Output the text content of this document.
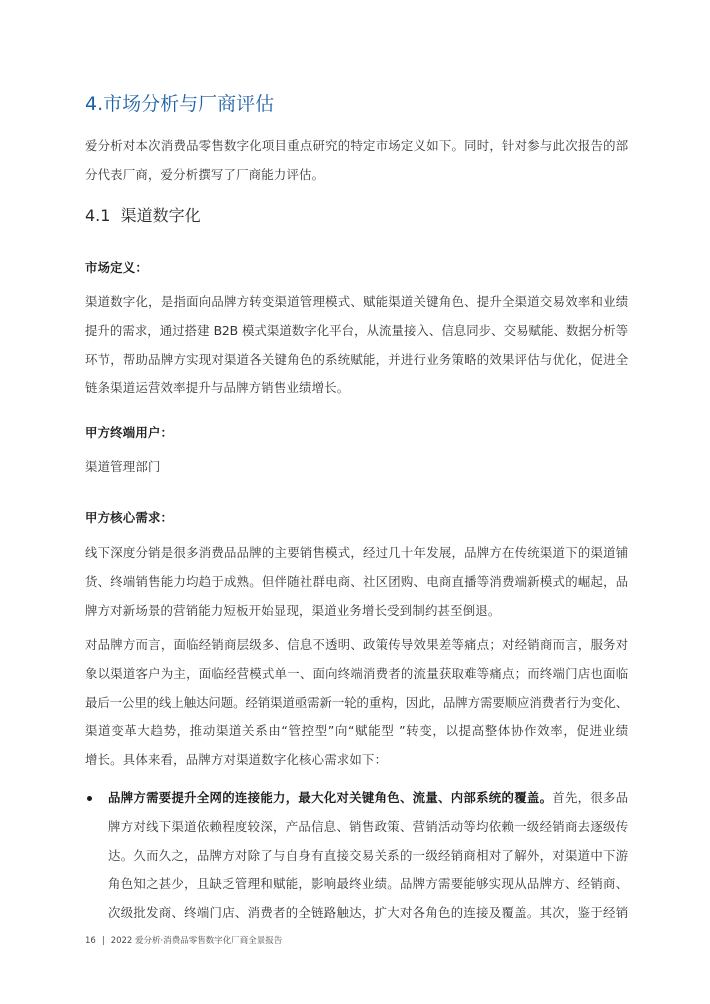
4.市场分析与厂商评估
爱分析对本次消费品零售数字化项目重点研究的特定市场定义如下。同时，针对参与此次报告的部
分代表厂商，爱分析撰写了厂商能力评估。
4.1  渠道数字化
市场定义：
渠道数字化，是指面向品牌方转变渠道管理模式、赋能渠道关键角色、提升全渠道交易效率和业绩
提升的需求，通过搭建 B2B 模式渠道数字化平台，从流量接入、信息同步、交易赋能、数据分析等
环节，帮助品牌方实现对渠道各关键角色的系统赋能，并进行业务策略的效果评估与优化，促进全
链条渠道运营效率提升与品牌方销售业绩增长。
甲方终端用户：
渠道管理部门
甲方核心需求：
线下深度分销是很多消费品品牌的主要销售模式，经过几十年发展，品牌方在传统渠道下的渠道铺
货、终端销售能力均趋于成熟。但伴随社群电商、社区团购、电商直播等消费端新模式的崛起，品
牌方对新场景的营销能力短板开始显现，渠道业务增长受到制约甚至倒退。
对品牌方而言，面临经销商层级多、信息不透明、政策传导效果差等痛点；对经销商而言，服务对
象以渠道客户为主，面临经营模式单一、面向终端消费者的流量获取难等痛点；而终端门店也面临
最后一公里的线上触达问题。经销渠道亟需新一轮的重构，因此，品牌方需要顺应消费者行为变化、
渠道变革大趋势，推动渠道关系由“管控型”向“赋能型 ”转变，以提高整体协作效率，促进业绩
增长。具体来看，品牌方对渠道数字化核心需求如下：
品牌方需要提升全网的连接能力，最大化对关键角色、流量、内部系统的覆盖。首先，很多品
牌方对线下渠道依赖程度较深，产品信息、销售政策、营销活动等均依赖一级经销商去逐级传
达。久而久之，品牌方对除了与自身有直接交易关系的一级经销商相对了解外，对渠道中下游
角色知之甚少，且缺乏管理和赋能，影响最终业绩。品牌方需要能够实现从品牌方、经销商、
次级批发商、终端门店、消费者的全链路触达，扩大对各角色的连接及覆盖。其次，鉴于经销
16 | 2022 爱分析·消费品零售数字化厂商全景报告
